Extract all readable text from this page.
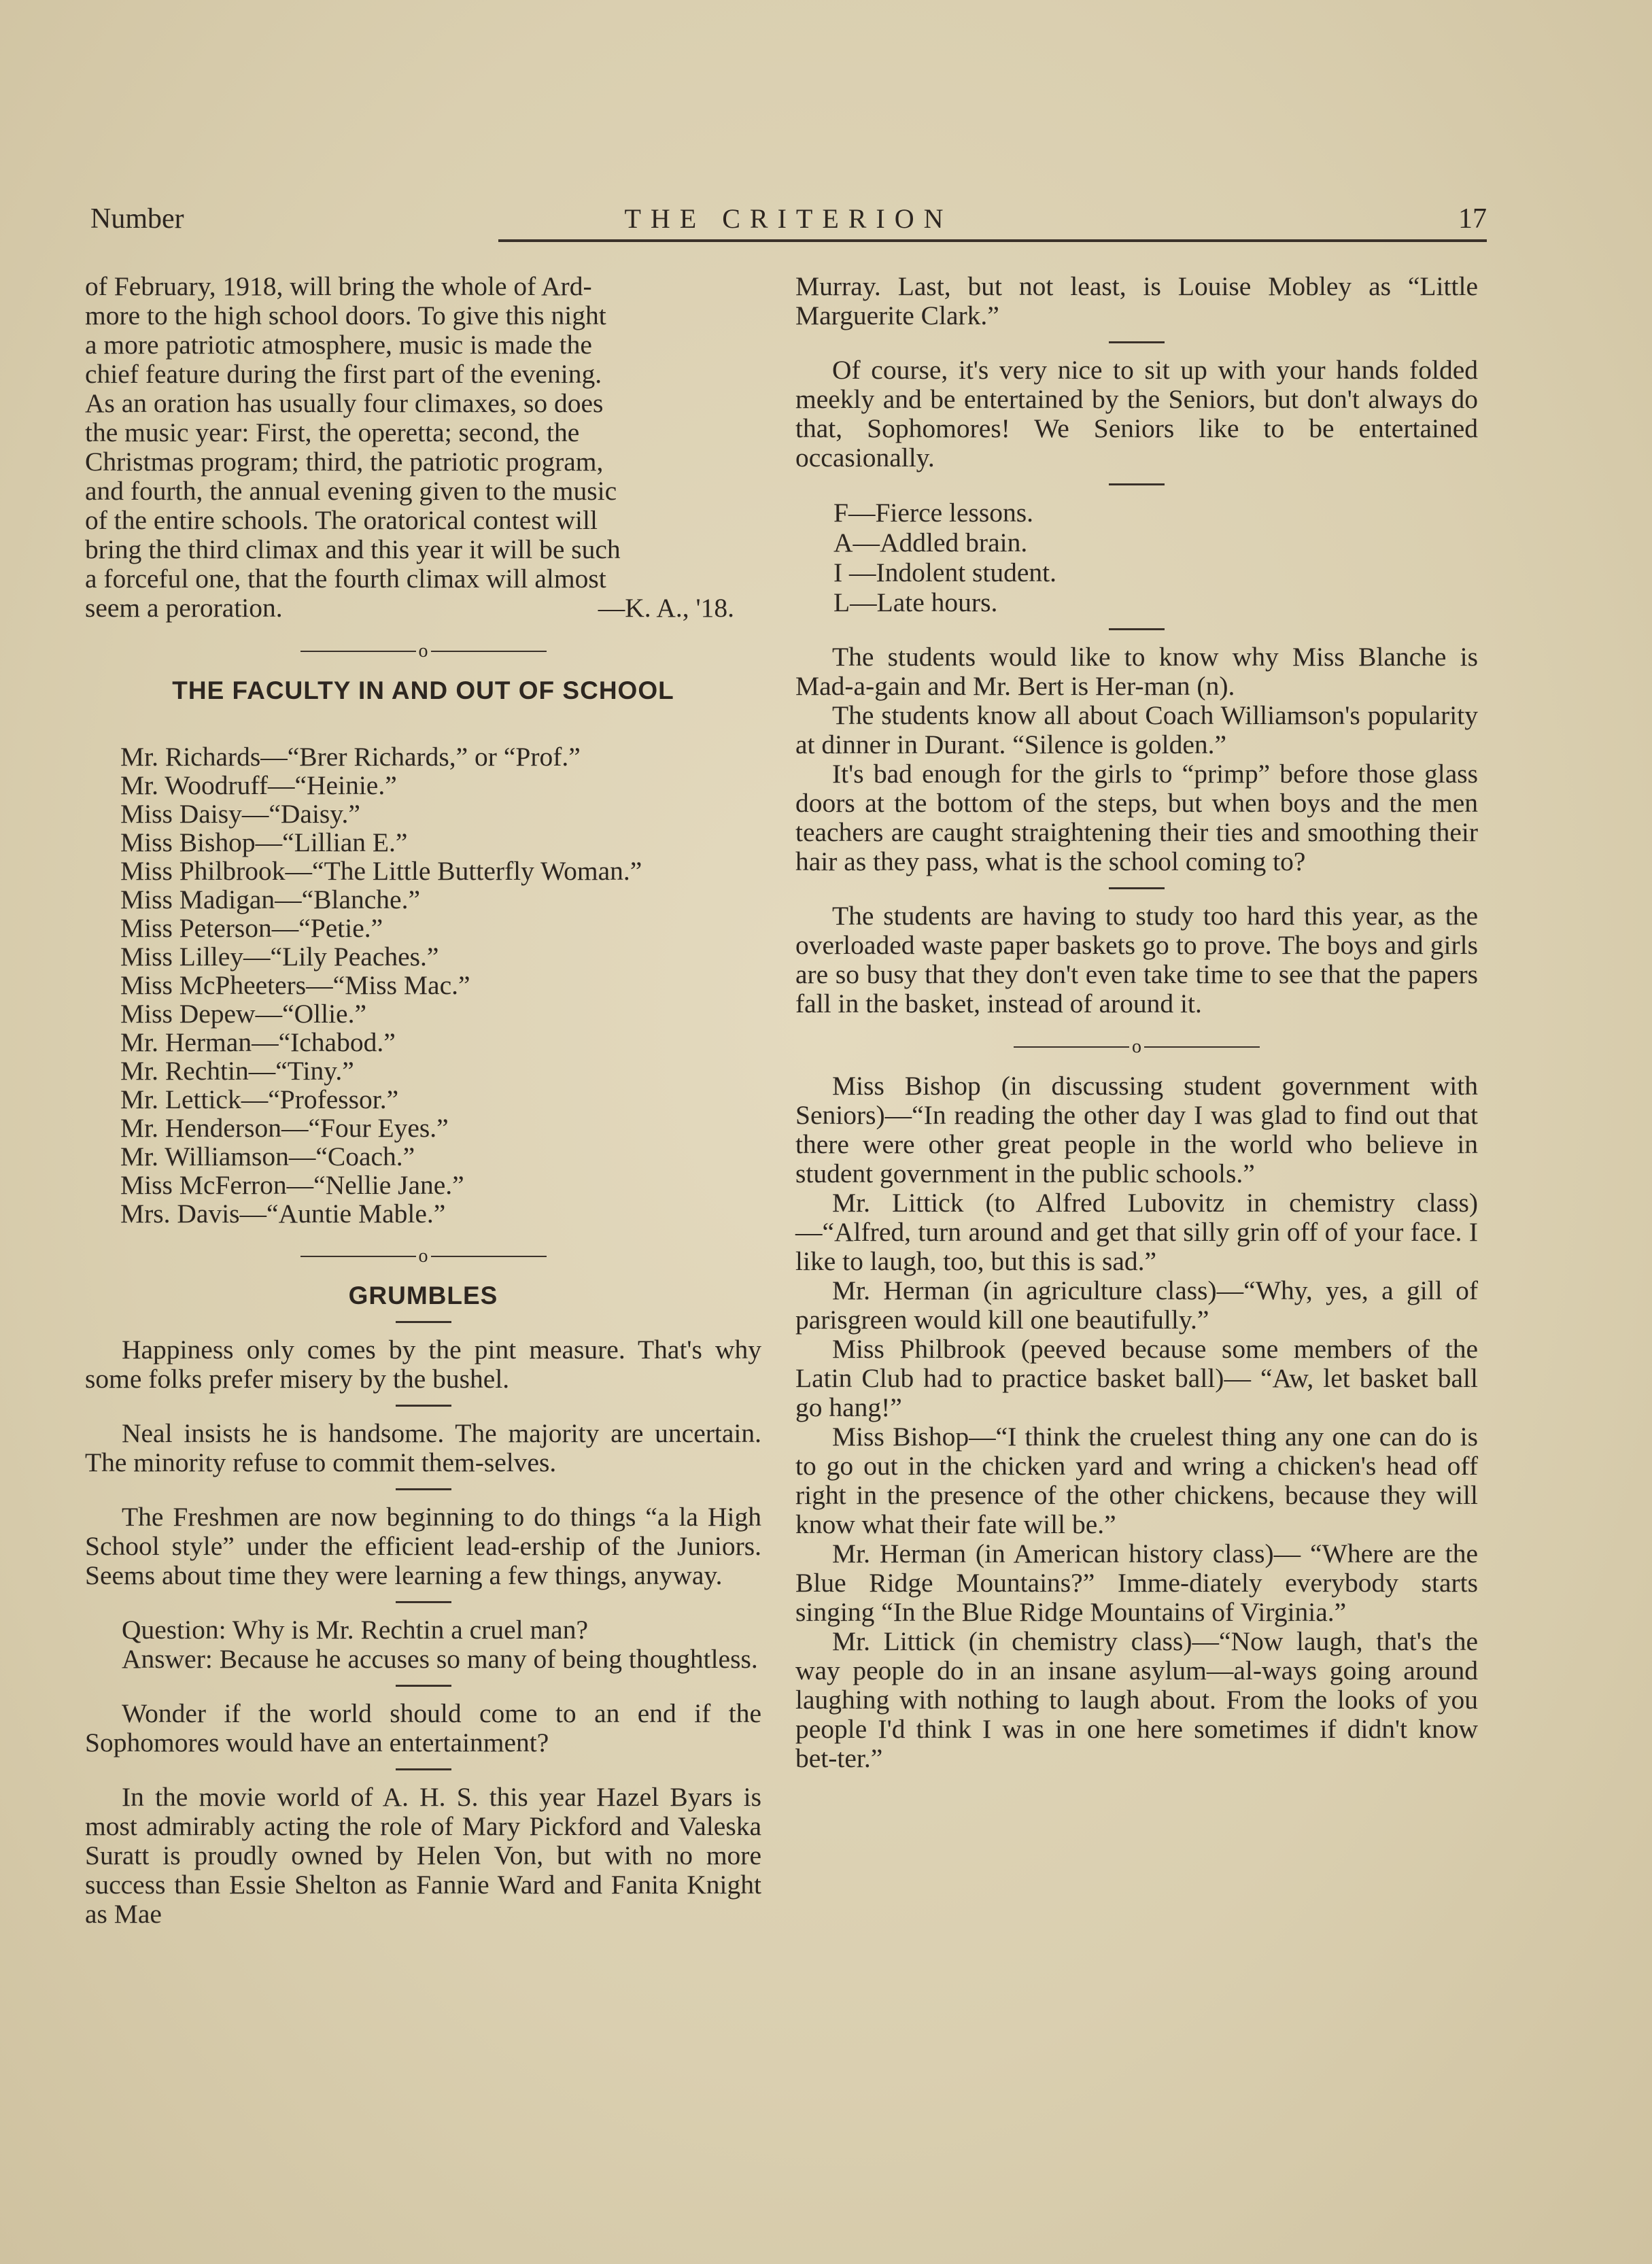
Number	THE CRITERION	17
of February, 1918, will bring the whole of Ard-
more to the high school doors. To give this night
a more patriotic atmosphere, music is made the
chief feature during the first part of the evening.
As an oration has usually four climaxes, so does
the music year: First, the operetta; second, the
Christmas program; third, the patriotic program,
and fourth, the annual evening given to the music
of the entire schools. The oratorical contest will
bring the third climax and this year it will be such
a forceful one, that the fourth climax will almost
seem a peroration.	—K. A., '18.
o
THE FACULTY IN AND OUT OF SCHOOL
Mr. Richards—“Brer Richards,” or “Prof.”
Mr. Woodruff—“Heinie.”
Miss Daisy—“Daisy.”
Miss Bishop—“Lillian E.”
Miss Philbrook—“The Little Butterfly Woman.”
Miss Madigan—“Blanche.”
Miss Peterson—“Petie.”
Miss Lilley—“Lily Peaches.”
Miss McPheeters—“Miss Mac.”
Miss Depew—“Ollie.”
Mr. Herman—“Ichabod.”
Mr. Rechtin—“Tiny.”
Mr. Lettick—“Professor.”
Mr. Henderson—“Four Eyes.”
Mr. Williamson—“Coach.”
Miss McFerron—“Nellie Jane.”
Mrs. Davis—“Auntie Mable.”
o
GRUMBLES

Happiness only comes by the pint measure. That's why some folks prefer misery by the bushel.

Neal insists he is handsome. The majority are uncertain. The minority refuse to commit them-selves.

The Freshmen are now beginning to do things “a la High School style” under the efficient lead-ership of the Juniors. Seems about time they were learning a few things, anyway.

Question: Why is Mr. Rechtin a cruel man?

Answer: Because he accuses so many of being thoughtless.

Wonder if the world should come to an end if the Sophomores would have an entertainment?

In the movie world of A. H. S. this year Hazel Byars is most admirably acting the role of Mary Pickford and Valeska Suratt is proudly owned by Helen Von, but with no more success than Essie Shelton as Fannie Ward and Fanita Knight as Mae

Murray. Last, but not least, is Louise Mobley as “Little Marguerite Clark.”

Of course, it's very nice to sit up with your hands folded meekly and be entertained by the Seniors, but don't always do that, Sophomores! We Seniors like to be entertained occasionally.

F—Fierce lessons.
A—Addled brain.
I —Indolent student.
L—Late hours.

The students would like to know why Miss Blanche is Mad-a-gain and Mr. Bert is Her-man (n).

The students know all about Coach Williamson's popularity at dinner in Durant. “Silence is golden.”

It's bad enough for the girls to “primp” before those glass doors at the bottom of the steps, but when boys and the men teachers are caught straightening their ties and smoothing their hair as they pass, what is the school coming to?

The students are having to study too hard this year, as the overloaded waste paper baskets go to prove. The boys and girls are so busy that they don't even take time to see that the papers fall in the basket, instead of around it.

o

Miss Bishop (in discussing student government with Seniors)—“In reading the other day I was glad to find out that there were other great people in the world who believe in student government in the public schools.”

Mr. Littick (to Alfred Lubovitz in chemistry class)—“Alfred, turn around and get that silly grin off of your face. I like to laugh, too, but this is sad.”

Mr. Herman (in agriculture class)—“Why, yes, a gill of parisgreen would kill one beautifully.”

Miss Philbrook (peeved because some members of the Latin Club had to practice basket ball)— “Aw, let basket ball go hang!”

Miss Bishop—“I think the cruelest thing any one can do is to go out in the chicken yard and wring a chicken's head off right in the presence of the other chickens, because they will know what their fate will be.”

Mr. Herman (in American history class)— “Where are the Blue Ridge Mountains?” Imme-diately everybody starts singing “In the Blue Ridge Mountains of Virginia.”

Mr. Littick (in chemistry class)—“Now laugh, that's the way people do in an insane asylum—al-ways going around laughing with nothing to laugh about. From the looks of you people I'd think I was in one here sometimes if didn't know bet-ter.”
